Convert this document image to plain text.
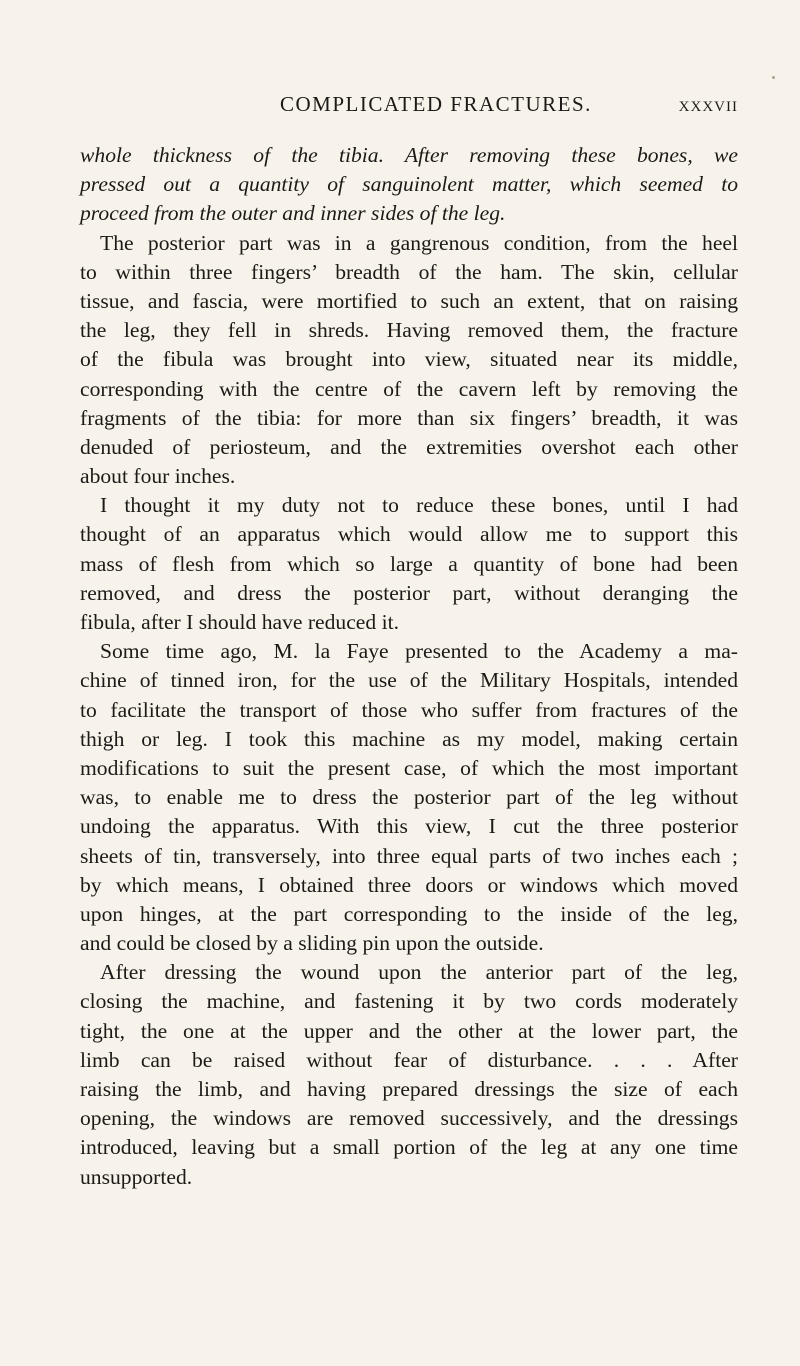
COMPLICATED FRACTURES.	xxxvii
whole thickness of the tibia. After removing these bones, we
pressed out a quantity of sanguinolent matter, which seemed to
proceed from the outer and inner sides of the leg.
The posterior part was in a gangrenous condition, from the heel
to within three fingers’ breadth of the ham. The skin, cellular
tissue, and fascia, were mortified to such an extent, that on raising
the leg, they fell in shreds. Having removed them, the fracture
of the fibula was brought into view, situated near its middle,
corresponding with the centre of the cavern left by removing the
fragments of the tibia: for more than six fingers’ breadth, it was
denuded of periosteum, and the extremities overshot each other
about four inches.
I thought it my duty not to reduce these bones, until I had
thought of an apparatus which would allow me to support this
mass of flesh from which so large a quantity of bone had been
removed, and dress the posterior part, without deranging the
fibula, after I should have reduced it.
Some time ago, M. la Faye presented to the Academy a ma-
chine of tinned iron, for the use of the Military Hospitals, intended
to facilitate the transport of those who suffer from fractures of the
thigh or leg. I took this machine as my model, making certain
modifications to suit the present case, of which the most important
was, to enable me to dress the posterior part of the leg without
undoing the apparatus. With this view, I cut the three posterior
sheets of tin, transversely, into three equal parts of two inches each ;
by which means, I obtained three doors or windows which moved
upon hinges, at the part corresponding to the inside of the leg,
and could be closed by a sliding pin upon the outside.
After dressing the wound upon the anterior part of the leg,
closing the machine, and fastening it by two cords moderately
tight, the one at the upper and the other at the lower part, the
limb can be raised without fear of disturbance. . . . After
raising the limb, and having prepared dressings the size of each
opening, the windows are removed successively, and the dressings
introduced, leaving but a small portion of the leg at any one time
unsupported.
